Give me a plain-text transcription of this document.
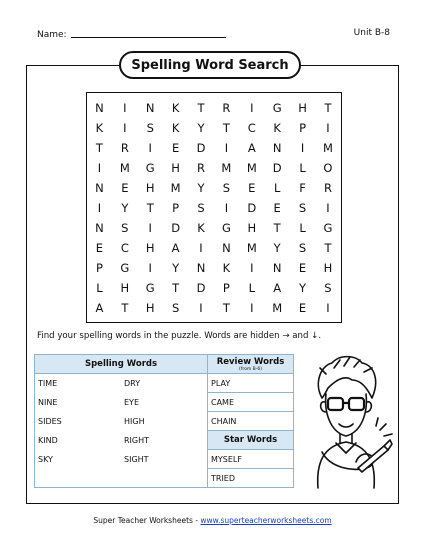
Name:	Unit B-8
Spelling Word Search
N	I	N	K	T	R	I	G	H	T
K	I	S	K	Y	T	C	K	P	I
T	R	I	E	D	I	A	N	I	M
I	M	G	H	R	M	M	D	L	O
N	E	H	M	Y	S	E	L	F	R
I	Y	T	P	S	I	D	E	S	I
N	S	I	D	K	G	H	T	L	G
E	C	H	A	I	N	M	Y	S	T
P	G	I	Y	N	K	I	N	E	H
L	H	G	T	D	P	L	A	Y	S
A	T	H	S	I	T	I	M	E	I
Find your spelling words in the puzzle. Words are hidden → and ↓.
Spelling Words		Review Words
(from B-6)

TIME	DRY	PLAY
NINE	EYE	CAME
SIDES	HIGH	CHAIN
KIND	RIGHT	Star Words
SKY	SIGHT	MYSELF
		TRIED
Super Teacher Worksheets - www.superteacherworksheets.com
